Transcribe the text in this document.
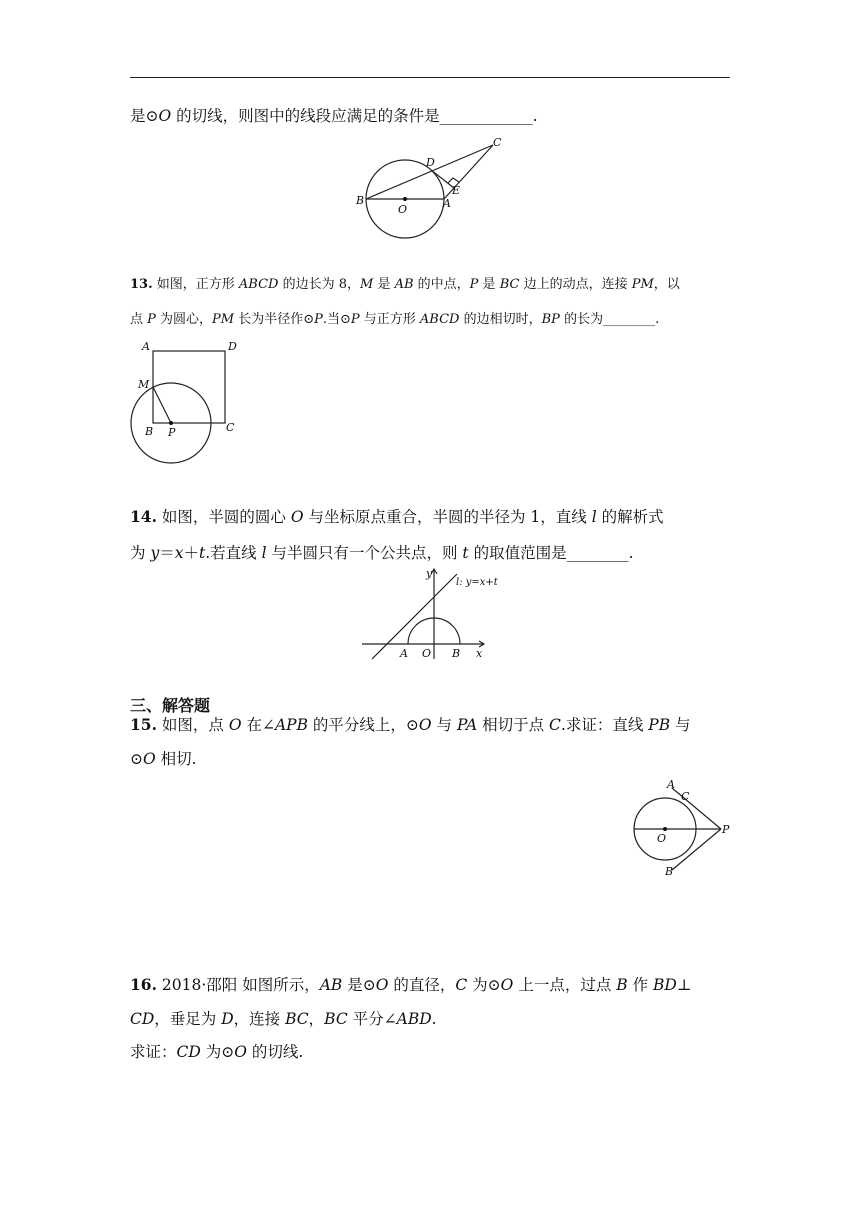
是⊙O 的切线，则图中的线段应满足的条件是____________.
C
D
E
B
O	A
13. 如图，正方形 ABCD 的边长为 8，M 是 AB 的中点，P 是 BC 边上的动点，连接 PM，以
点 P 为圆心，PM 长为半径作⊙P.当⊙P 与正方形 ABCD 的边相切时，BP 的长为________.
A	D
M
B P	C
14. 如图，半圆的圆心 O 与坐标原点重合，半圆的半径为 1，直线 l 的解析式
为 y＝x＋t.若直线 l 与半圆只有一个公共点，则 t 的取值范围是________.
y
l: y=x+t
A O B x
三、解答题
15. 如图，点 O 在∠APB 的平分线上，⊙O 与 PA 相切于点 C.求证：直线 PB 与
⊙O 相切.
A
C
P
O
B
16. 2018·邵阳 如图所示，AB 是⊙O 的直径，C 为⊙O 上一点，过点 B 作 BD⊥
CD，垂足为 D，连接 BC，BC 平分∠ABD.
求证：CD 为⊙O 的切线.
